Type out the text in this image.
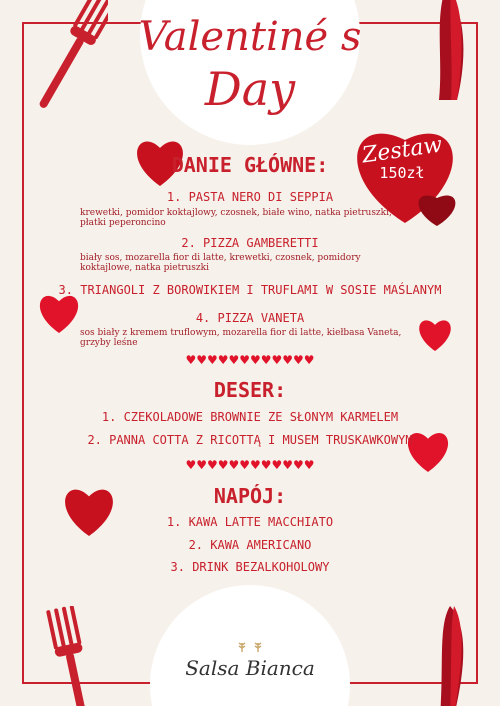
Valentiné s
Day
Zestaw
150zł
DANIE GŁÓWNE:
1. PASTA NERO DI SEPPIA
krewetki, pomidor koktajlowy, czosnek, białe wino, natka pietruszki, płatki peperoncino
2. PIZZA GAMBERETTI
biały sos, mozarella fior di latte, krewetki, czosnek, pomidory koktajlowe, natka pietruszki
3. TRIANGOLI Z BOROWIKIEM I TRUFLAMI W SOSIE MAŚLANYM
4. PIZZA VANETA
sos biały z kremem truflowym, mozarella fior di latte, kiełbasa Vaneta, grzyby leśne
♥♥♥♥♥♥♥♥♥♥♥♥
DESER:
1. CZEKOLADOWE BROWNIE ZE SŁONYM KARMELEM
2. PANNA COTTA Z RICOTTĄ I MUSEM TRUSKAWKOWYM
♥♥♥♥♥♥♥♥♥♥♥♥
NAPÓJ:
1. KAWA LATTE MACCHIATO
2. KAWA AMERICANO
3. DRINK BEZALKOHOLOWY
Salsa Bianca
